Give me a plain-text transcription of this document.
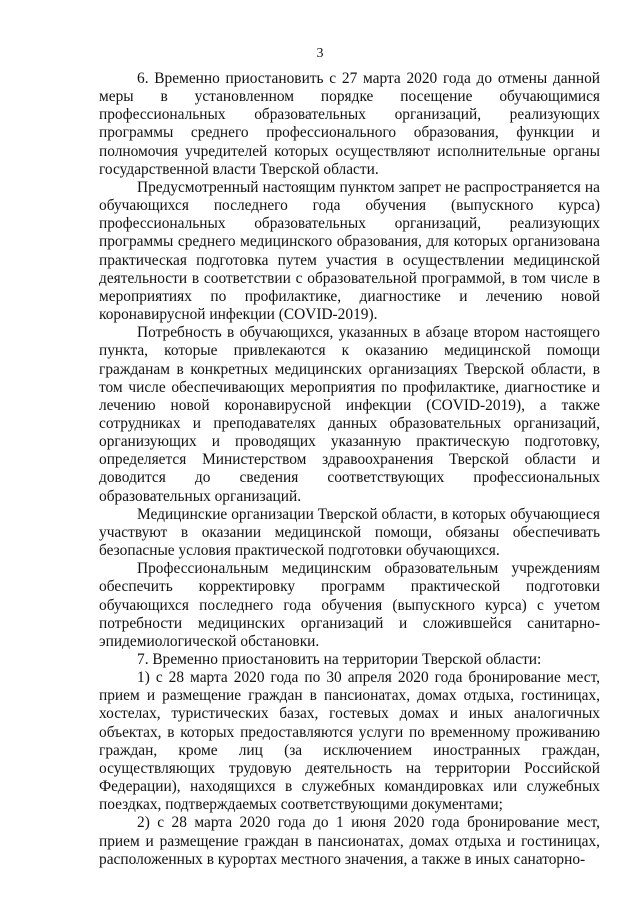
3

6. Временно приостановить с 27 марта 2020 года до отмены данной меры в установленном порядке посещение обучающимися профессиональных образовательных организаций, реализующих программы среднего профессионального образования, функции и полномочия учредителей которых осуществляют исполнительные органы государственной власти Тверской области.

Предусмотренный настоящим пунктом запрет не распространяется на обучающихся последнего года обучения (выпускного курса) профессиональных образовательных организаций, реализующих программы среднего медицинского образования, для которых организована практическая подготовка путем участия в осуществлении медицинской деятельности в соответствии с образовательной программой, в том числе в мероприятиях по профилактике, диагностике и лечению новой коронавирусной инфекции (COVID-2019).

Потребность в обучающихся, указанных в абзаце втором настоящего пункта, которые привлекаются к оказанию медицинской помощи гражданам в конкретных медицинских организациях Тверской области, в том числе обеспечивающих мероприятия по профилактике, диагностике и лечению новой коронавирусной инфекции (COVID-2019), а также сотрудниках и преподавателях данных образовательных организаций, организующих и проводящих указанную практическую подготовку, определяется Министерством здравоохранения Тверской области и доводится до сведения соответствующих профессиональных образовательных организаций.

Медицинские организации Тверской области, в которых обучающиеся участвуют в оказании медицинской помощи, обязаны обеспечивать безопасные условия практической подготовки обучающихся.

Профессиональным медицинским образовательным учреждениям обеспечить корректировку программ практической подготовки обучающихся последнего года обучения (выпускного курса) с учетом потребности медицинских организаций и сложившейся санитарно-эпидемиологической обстановки.

7. Временно приостановить на территории Тверской области:

1) с 28 марта 2020 года по 30 апреля 2020 года бронирование мест, прием и размещение граждан в пансионатах, домах отдыха, гостиницах, хостелах, туристических базах, гостевых домах и иных аналогичных объектах, в которых предоставляются услуги по временному проживанию граждан, кроме лиц (за исключением иностранных граждан, осуществляющих трудовую деятельность на территории Российской Федерации), находящихся в служебных командировках или служебных поездках, подтверждаемых соответствующими документами;

2) с 28 марта 2020 года до 1 июня 2020 года бронирование мест, прием и размещение граждан в пансионатах, домах отдыха и гостиницах, расположенных в курортах местного значения, а также в иных санаторно-
